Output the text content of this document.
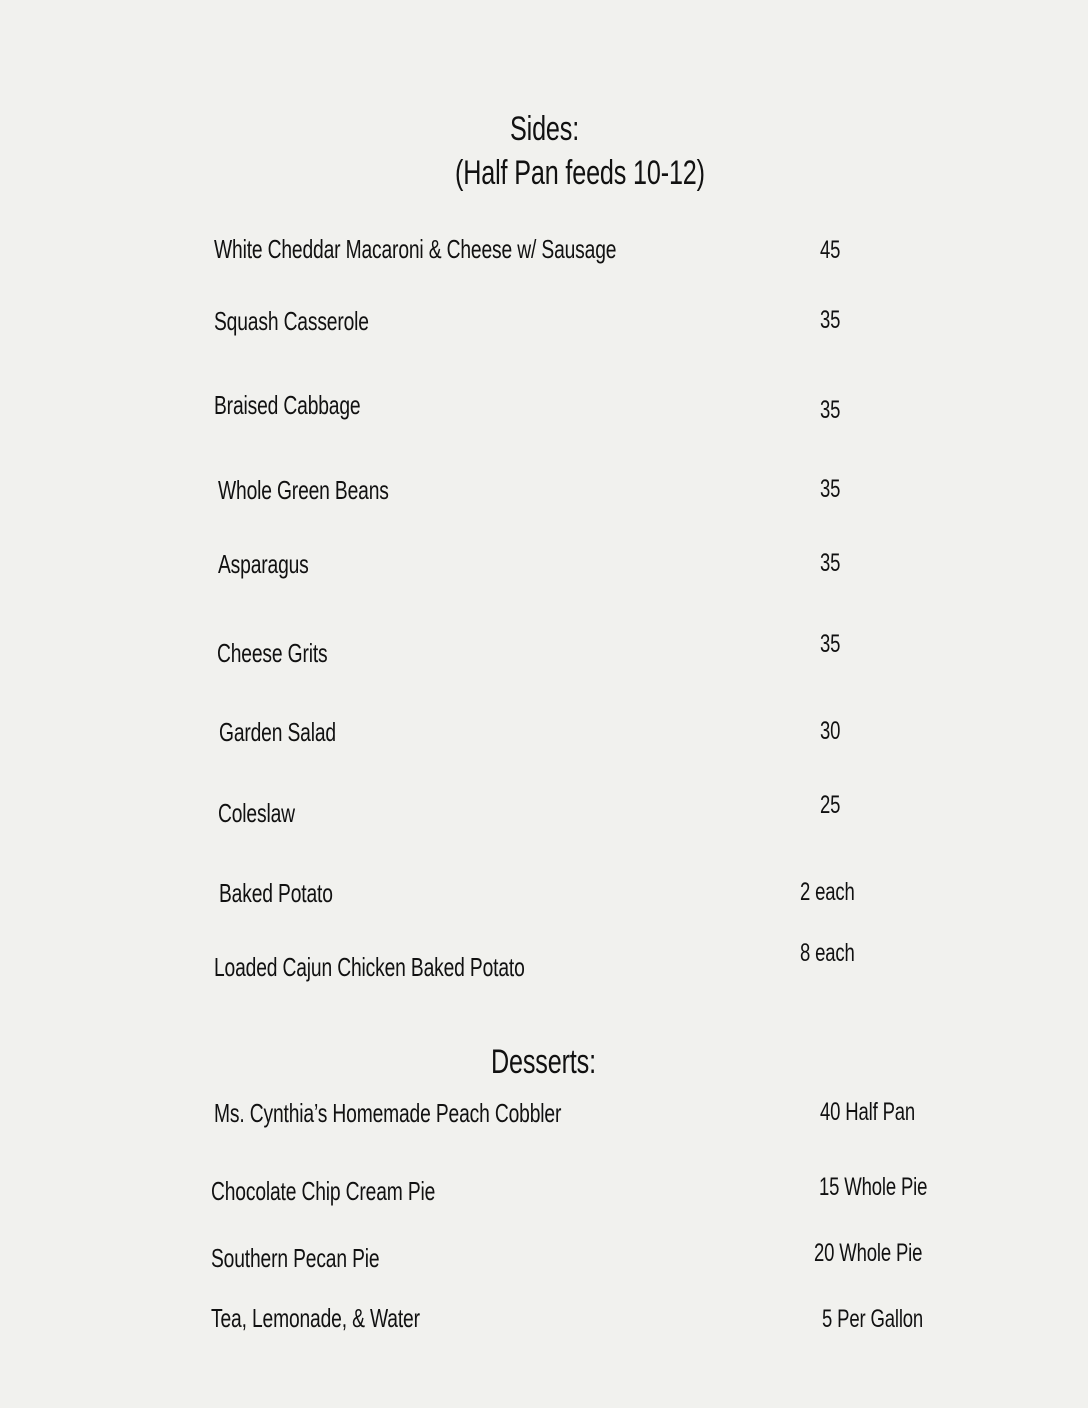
Sides:
(Half Pan feeds 10-12)
White Cheddar Macaroni & Cheese w/ Sausage	45
Squash Casserole	35
Braised Cabbage	35
Whole Green Beans	35
Asparagus	35
Cheese Grits	35
Garden Salad	30
Coleslaw	25
Baked Potato	2 each
Loaded Cajun Chicken Baked Potato	8 each
Desserts:
Ms. Cynthia’s Homemade Peach Cobbler	40 Half Pan
Chocolate Chip Cream Pie	15 Whole Pie
Southern Pecan Pie	20 Whole Pie
Tea, Lemonade, & Water	5 Per Gallon
